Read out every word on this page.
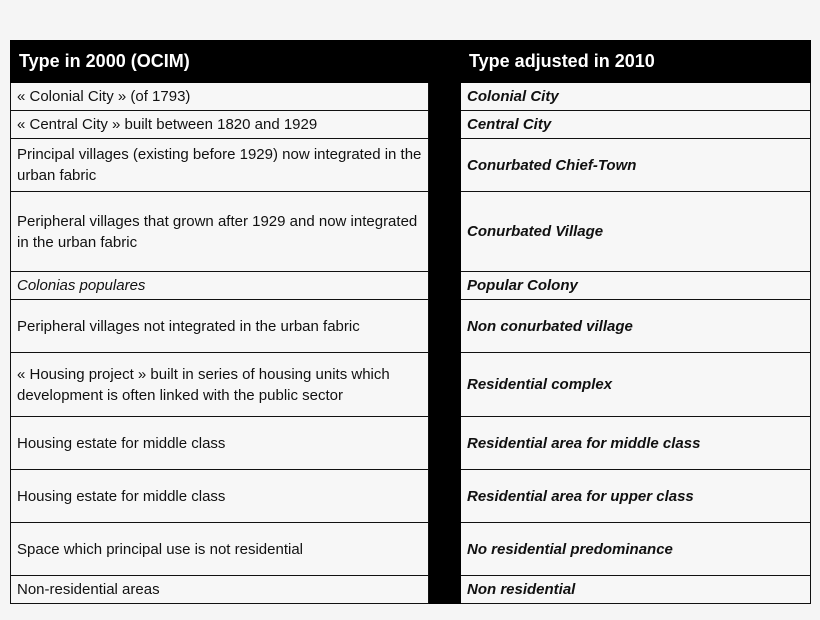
Type in 2000 (OCIM)		Type adjusted in 2010
« Colonial City » (of 1793)		Colonial City
« Central City » built between 1820 and 1929		Central City
Principal villages (existing before 1929) now integrated in the urban fabric		Conurbated Chief-Town
Peripheral villages that grown after 1929 and now integrated in the urban fabric		Conurbated Village
Colonias populares		Popular Colony
Peripheral villages not integrated in the urban fabric		Non conurbated village
« Housing project » built in series of housing units which development is often linked with the public sector		Residential complex
Housing estate for middle class		Residential area for middle class
Housing estate for middle class		Residential area for upper class
Space which principal use is not residential		No residential predominance
Non-residential areas		Non residential
